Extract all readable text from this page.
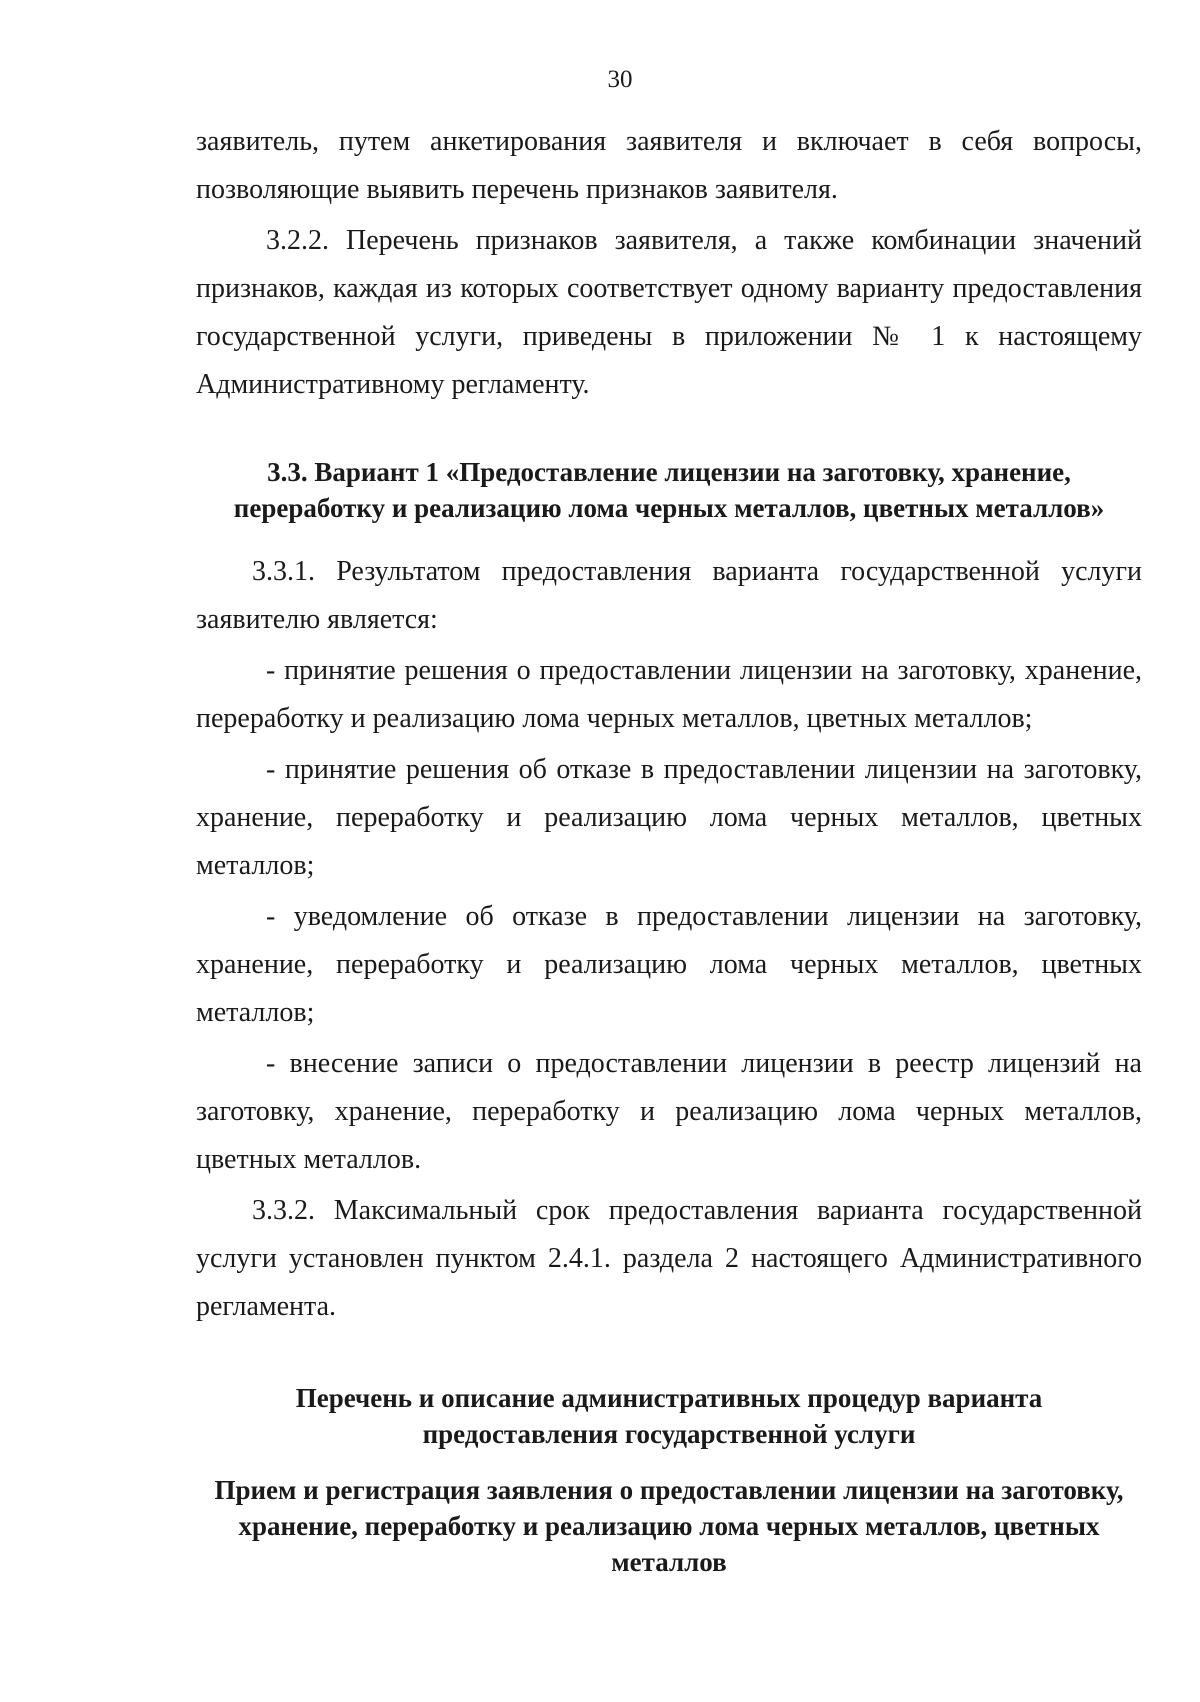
30

заявитель, путем анкетирования заявителя и включает в себя вопросы, позволяющие выявить перечень признаков заявителя.

3.2.2. Перечень признаков заявителя, а также комбинации значений признаков, каждая из которых соответствует одному варианту предоставления государственной услуги, приведены в приложении № 1 к настоящему Административному регламенту.

3.3. Вариант 1 «Предоставление лицензии на заготовку, хранение, переработку и реализацию лома черных металлов, цветных металлов»

3.3.1. Результатом предоставления варианта государственной услуги заявителю является:

- принятие решения о предоставлении лицензии на заготовку, хранение, переработку и реализацию лома черных металлов, цветных металлов;

- принятие решения об отказе в предоставлении лицензии на заготовку, хранение, переработку и реализацию лома черных металлов, цветных металлов;

- уведомление об отказе в предоставлении лицензии на заготовку, хранение, переработку и реализацию лома черных металлов, цветных металлов;

- внесение записи о предоставлении лицензии в реестр лицензий на заготовку, хранение, переработку и реализацию лома черных металлов, цветных металлов.

3.3.2. Максимальный срок предоставления варианта государственной услуги установлен пунктом 2.4.1. раздела 2 настоящего Административного регламента.

Перечень и описание административных процедур варианта предоставления государственной услуги
Прием и регистрация заявления о предоставлении лицензии на заготовку, хранение, переработку и реализацию лома черных металлов, цветных металлов
